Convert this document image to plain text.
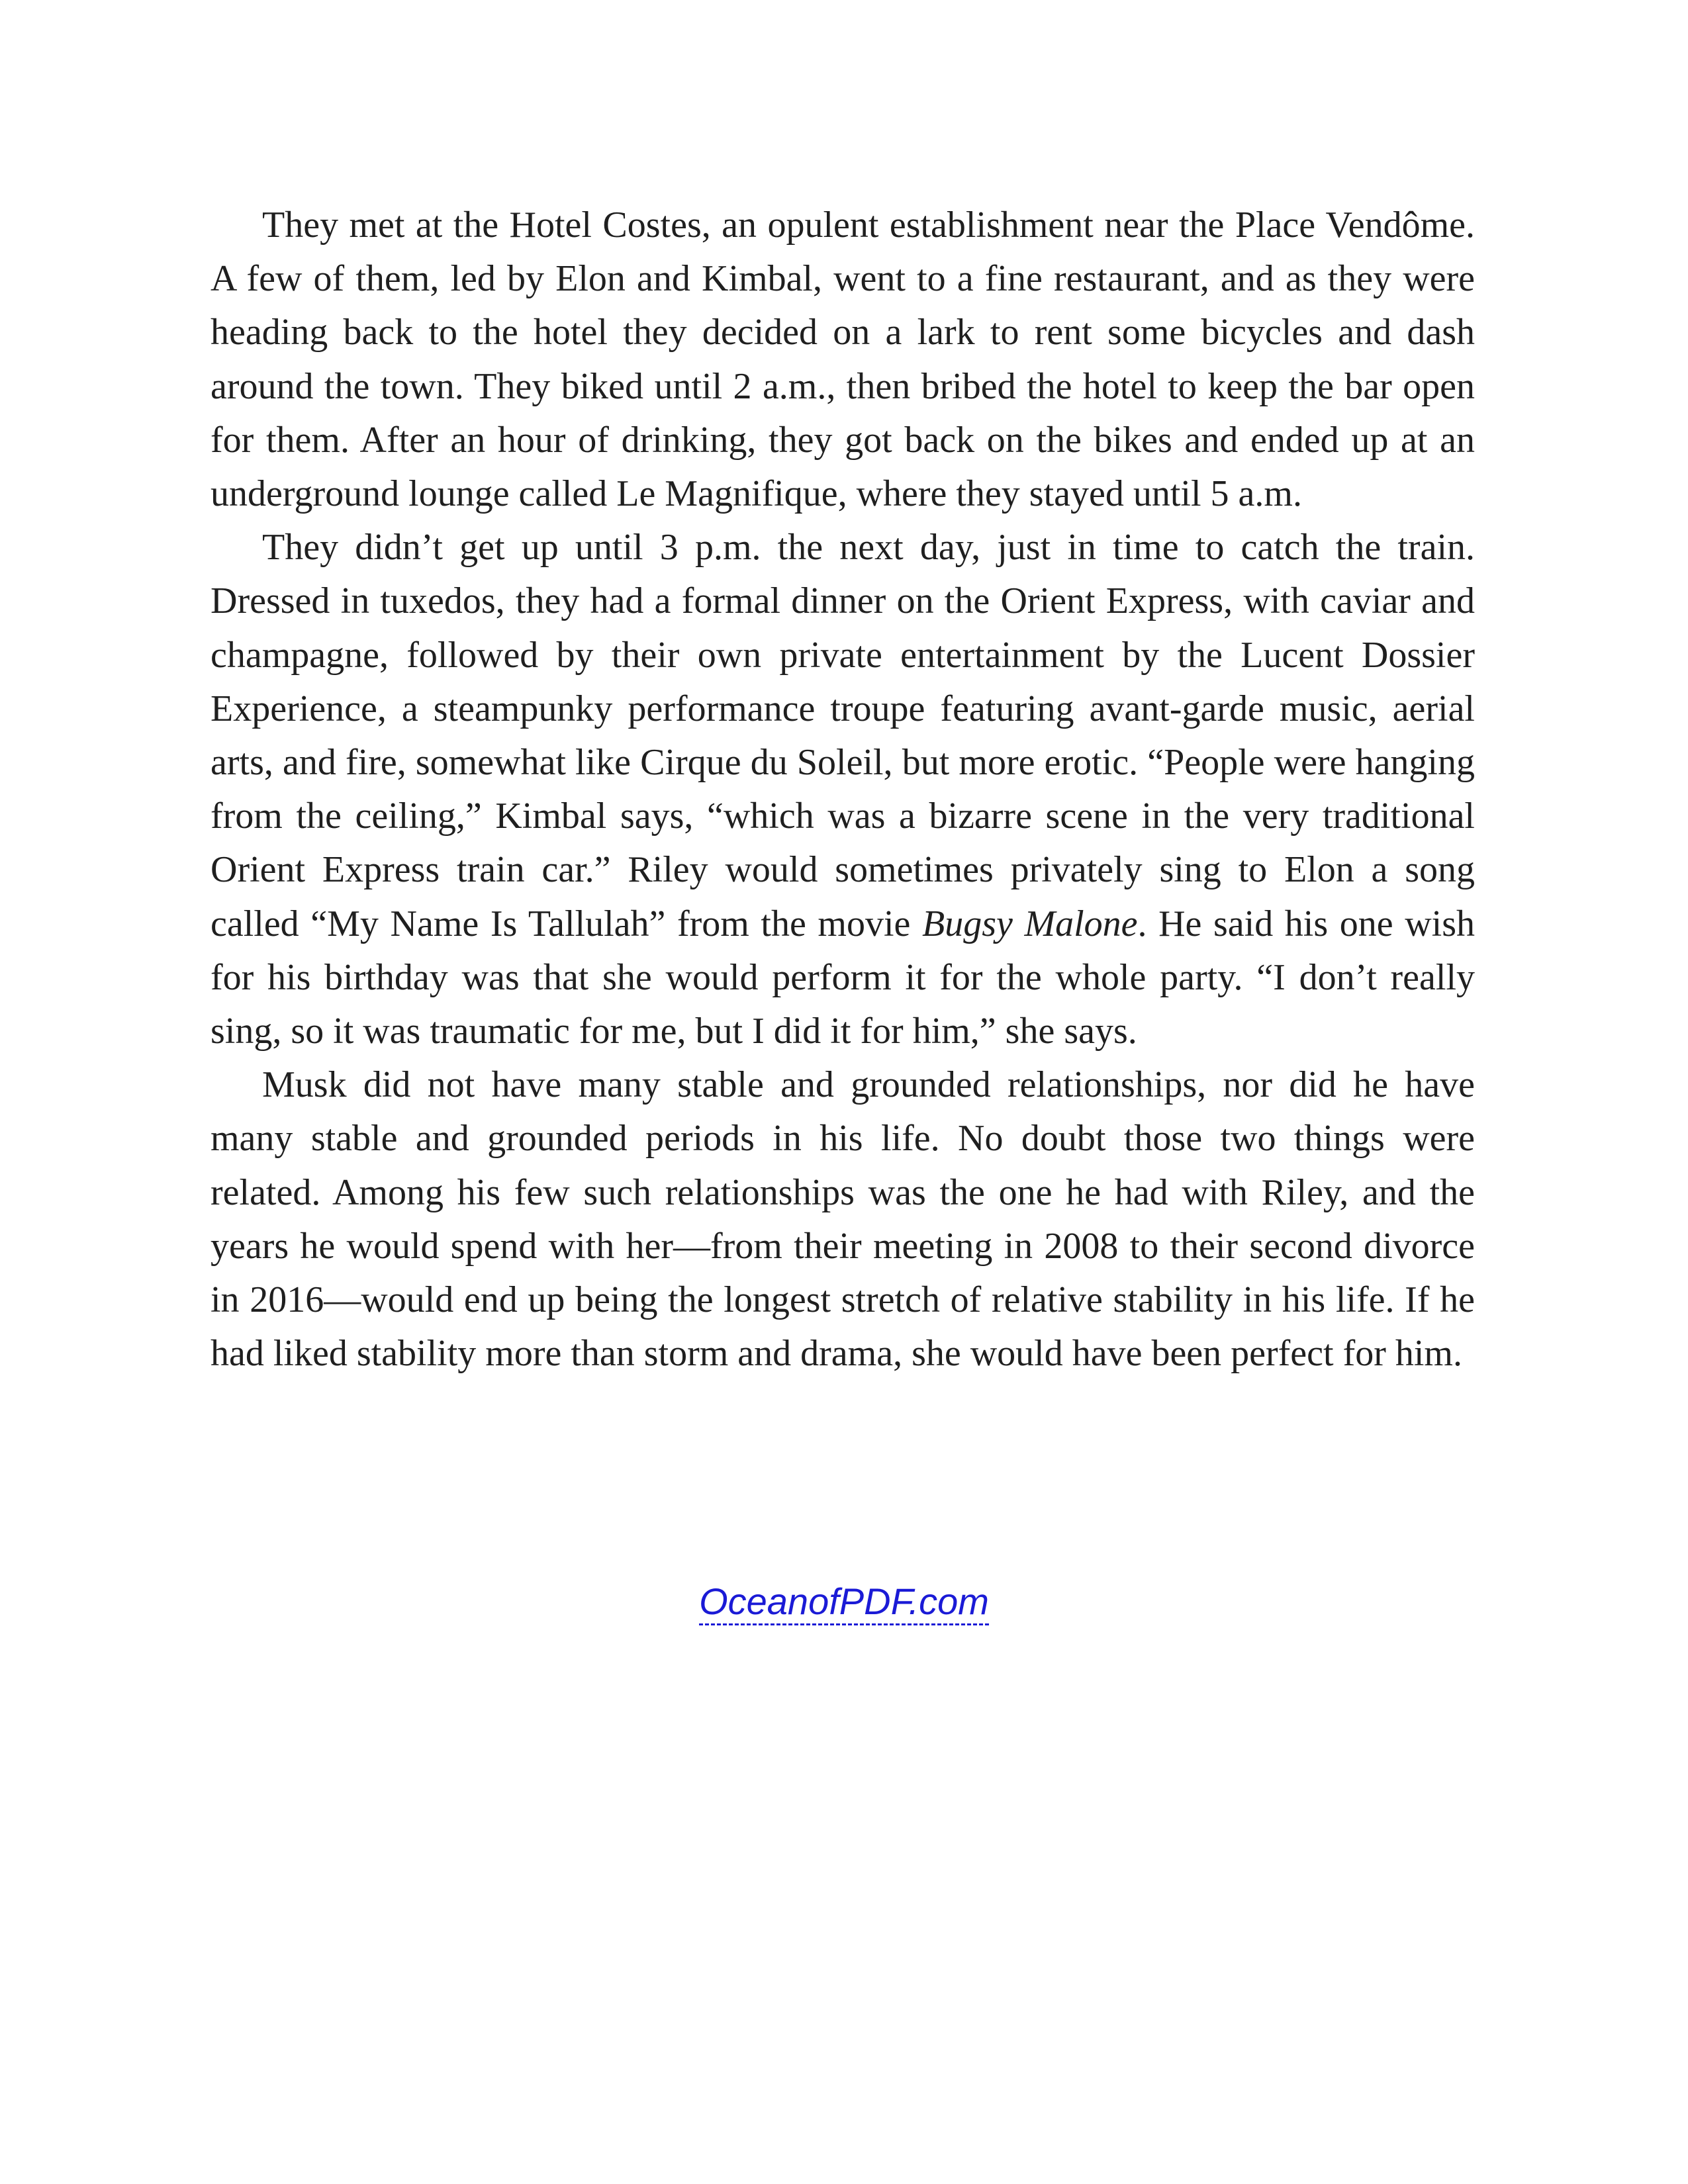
They met at the Hotel Costes, an opulent establishment near the Place Vendôme. A few of them, led by Elon and Kimbal, went to a fine restaurant, and as they were heading back to the hotel they decided on a lark to rent some bicycles and dash around the town. They biked until 2 a.m., then bribed the hotel to keep the bar open for them. After an hour of drinking, they got back on the bikes and ended up at an underground lounge called Le Magnifique, where they stayed until 5 a.m.

They didn’t get up until 3 p.m. the next day, just in time to catch the train. Dressed in tuxedos, they had a formal dinner on the Orient Express, with caviar and champagne, followed by their own private entertainment by the Lucent Dossier Experience, a steampunky performance troupe featuring avant-garde music, aerial arts, and fire, somewhat like Cirque du Soleil, but more erotic. “People were hanging from the ceiling,” Kimbal says, “which was a bizarre scene in the very traditional Orient Express train car.” Riley would sometimes privately sing to Elon a song called “My Name Is Tallulah” from the movie Bugsy Malone. He said his one wish for his birthday was that she would perform it for the whole party. “I don’t really sing, so it was traumatic for me, but I did it for him,” she says.

Musk did not have many stable and grounded relationships, nor did he have many stable and grounded periods in his life. No doubt those two things were related. Among his few such relationships was the one he had with Riley, and the years he would spend with her—from their meeting in 2008 to their second divorce in 2016—would end up being the longest stretch of relative stability in his life. If he had liked stability more than storm and drama, she would have been perfect for him.

OceanofPDF.com
